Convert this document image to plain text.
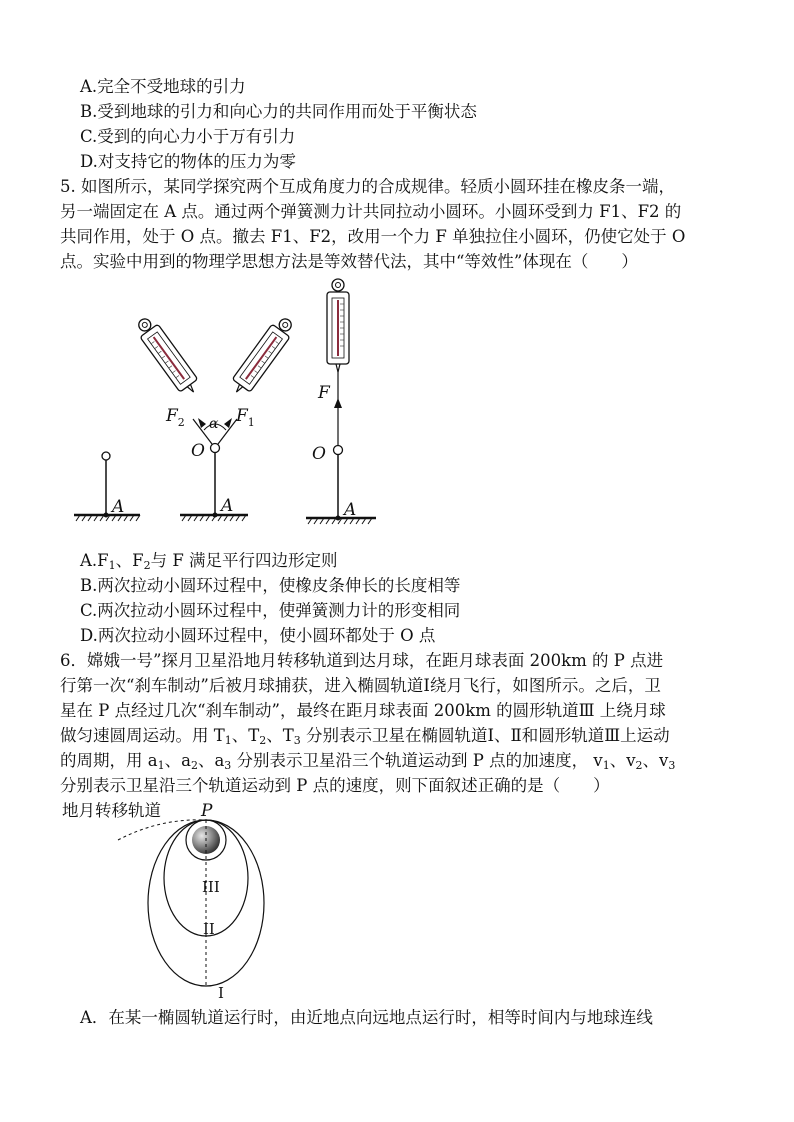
A.完全不受地球的引力
B.受到地球的引力和向心力的共同作用而处于平衡状态
C.受到的向心力小于万有引力
D.对支持它的物体的压力为零
5. 如图所示，某同学探究两个互成角度力的合成规律。轻质小圆环挂在橡皮条一端，
另一端固定在 A 点。通过两个弹簧测力计共同拉动小圆环。小圆环受到力 F1、F2 的
共同作用，处于 O 点。撤去 F1、F2，改用一个力 F 单独拉住小圆环，仍使它处于 O
点。实验中用到的物理学思想方法是等效替代法，其中“等效性”体现在（　　）
A	A
O
α
$F_2$	$F_1$
A
O
F
$A.F_1$、$F_2$与 F 满足平行四边形定则
B.两次拉动小圆环过程中，使橡皮条伸长的长度相等
C.两次拉动小圆环过程中，使弹簧测力计的形变相同
D.两次拉动小圆环过程中，使小圆环都处于 O 点
6．嫦娥一号”探月卫星沿地月转移轨道到达月球，在距月球表面 200km 的 P 点进
行第一次“刹车制动”后被月球捕获，进入椭圆轨道Ⅰ绕月飞行，如图所示。之后，卫
星在 P 点经过几次“刹车制动”，最终在距月球表面 200km 的圆形轨道Ⅲ 上绕月球
做匀速圆周运动。用 $T_1$、$T_2$、$T_3$ 分别表示卫星在椭圆轨道Ⅰ、Ⅱ和圆形轨道Ⅲ上运动
的周期，用 $a_1$、$a_2$、$a_3$ 分别表示卫星沿三个轨道运动到 P 点的加速度， $v_1$、$v_2$、$v_3$
分别表示卫星沿三个轨道运动到 P 点的速度，则下面叙述正确的是（　　）
地月转移轨道 P
III
II
I
A．在某一椭圆轨道运行时，由近地点向远地点运行时，相等时间内与地球连线
